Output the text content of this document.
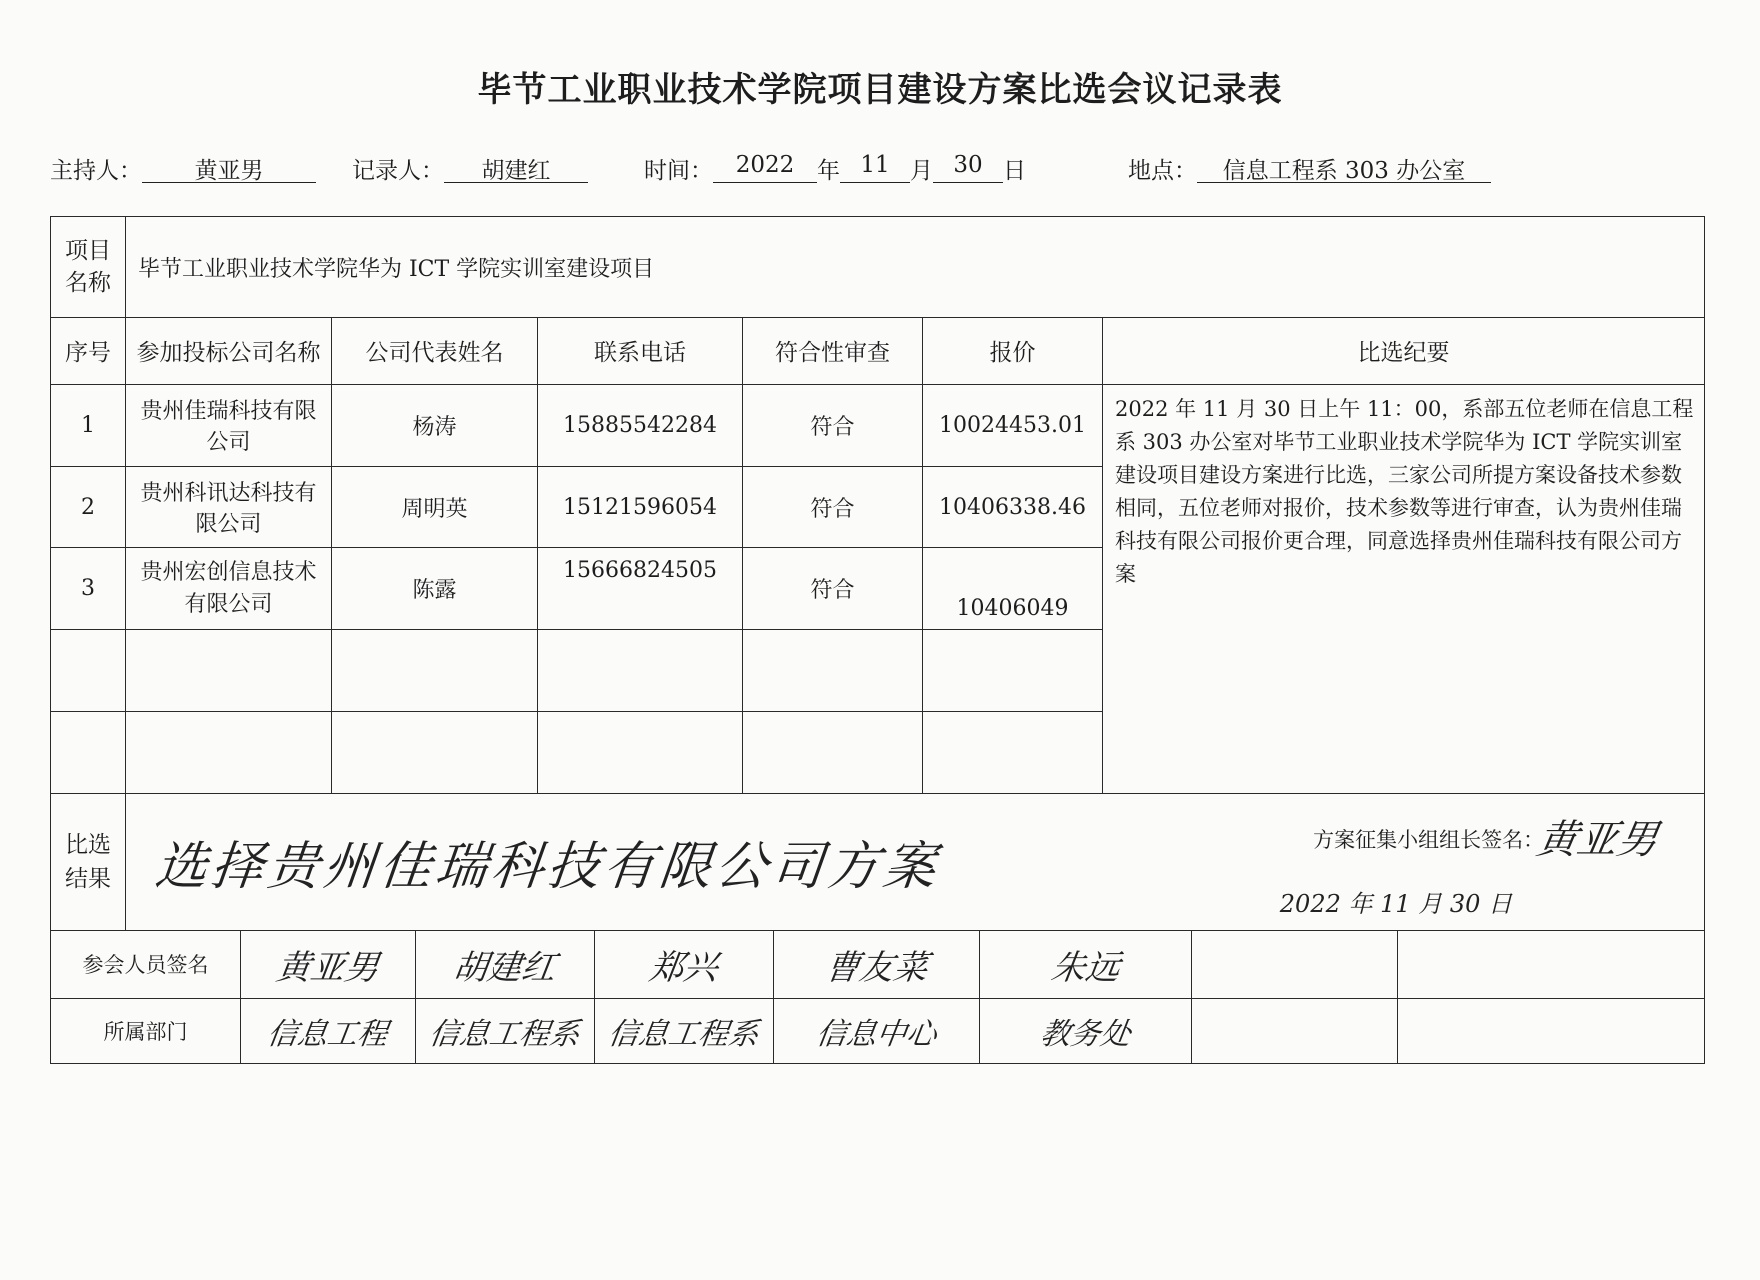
毕节工业职业技术学院项目建设方案比选会议记录表
主持人： 黄亚男	记录人： 胡建红	时间： 2022 年 11 月 30 日	地点： 信息工程系 303 办公室
项目名称	毕节工业职业技术学院华为 ICT 学院实训室建设项目												
序号	参加投标公司名称		公司代表姓名		联系电话		符合性审查		报价		比选纪要		
1	贵州佳瑞科技有限公司		杨涛		15885542284		符合		10024453.01		2022 年 11 月 30 日上午 11：00，系部五位老师在信息工程系 303 办公室对毕节工业职业技术学院华为 ICT 学院实训室建设项目建设方案进行比选，三家公司所提方案设备技术参数相同，五位老师对报价，技术参数等进行审查，认为贵州佳瑞科技有限公司报价更合理，同意选择贵州佳瑞科技有限公司方案		
2	贵州科讯达科技有限公司		周明英		15121596054		符合		10406338.46				
3	贵州宏创信息技术有限公司		陈露		15666824505		符合		10406049				

比选结果	选择贵州佳瑞科技有限公司方案 方案征集小组组长签名：
黄亚男
2022 年 11 月 30 日												

参会人员签名		黄亚男		胡建红		郑兴		曹友菜		朱远			
所属部门		信息工程		信息工程系		信息工程系		信息中心		教务处			
